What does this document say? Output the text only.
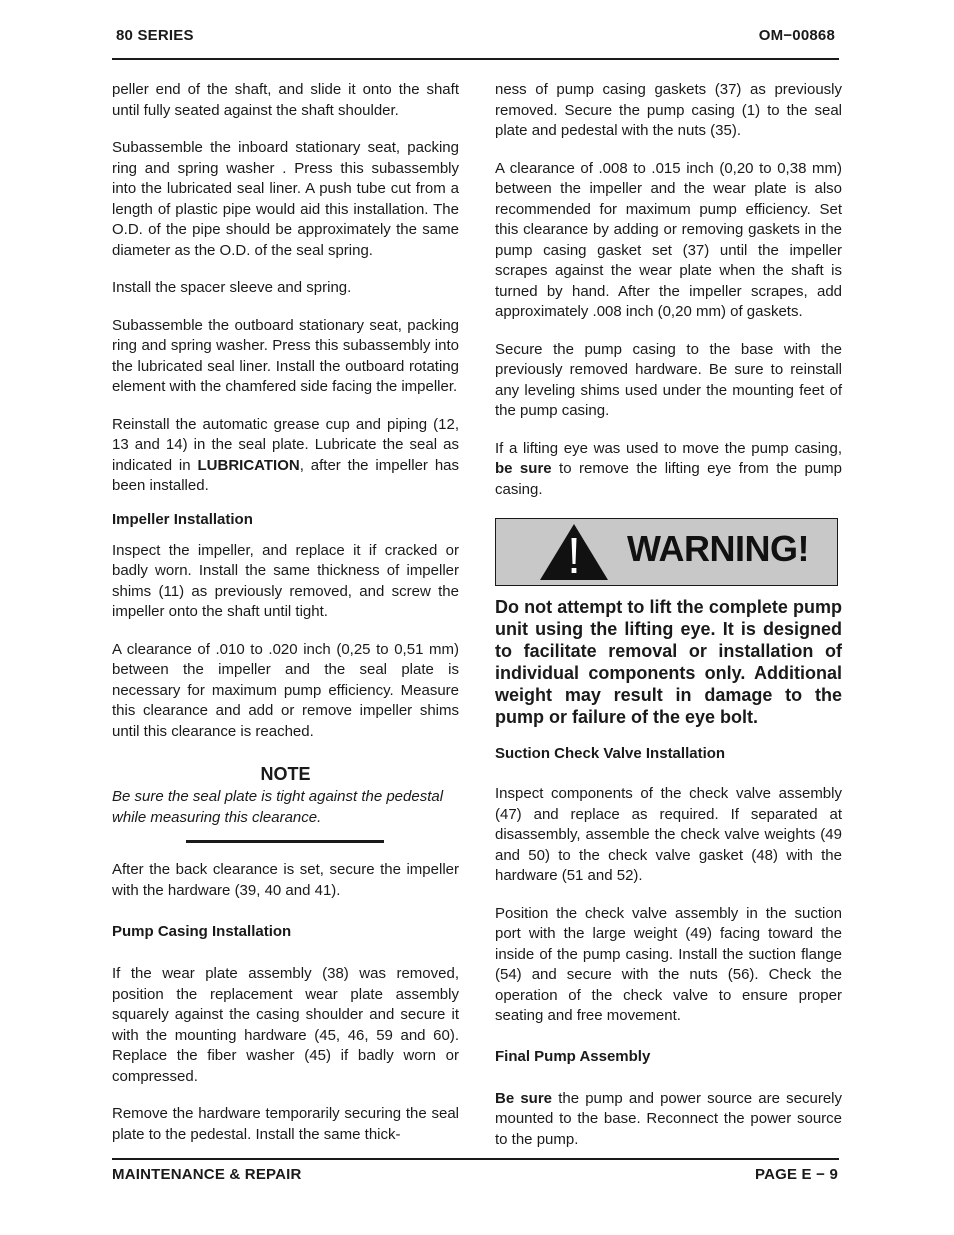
80 SERIES	OM−00868

peller end of the shaft, and slide it onto the shaft until fully seated against the shaft shoulder.

Subassemble the inboard stationary seat, packing ring and spring washer . Press this subassembly into the lubricated seal liner. A push tube cut from a length of plastic pipe would aid this installation. The O.D. of the pipe should be approximately the same diameter as the O.D. of the seal spring.

Install the spacer sleeve and spring.

Subassemble the outboard stationary seat, packing ring and spring washer. Press this subassembly into the lubricated seal liner. Install the outboard rotating element with the chamfered side facing the impeller.

Reinstall the automatic grease cup and piping (12, 13 and 14) in the seal plate. Lubricate the seal as indicated in LUBRICATION, after the impeller has been installed.

Impeller Installation

Inspect the impeller, and replace it if cracked or badly worn. Install the same thickness of impeller shims (11) as previously removed, and screw the impeller onto the shaft until tight.

A clearance of .010 to .020 inch (0,25 to 0,51 mm) between the impeller and the seal plate is necessary for maximum pump efficiency. Measure this clearance and add or remove impeller shims until this clearance is reached.

NOTE

Be sure the seal plate is tight against the pedestal while measuring this clearance.

After the back clearance is set, secure the impeller with the hardware (39, 40 and 41).

Pump Casing Installation

If the wear plate assembly (38) was removed, position the replacement wear plate assembly squarely against the casing shoulder and secure it with the mounting hardware (45, 46, 59 and 60). Replace the fiber washer (45) if badly worn or compressed.

Remove the hardware temporarily securing the seal plate to the pedestal. Install the same thick-

ness of pump casing gaskets (37) as previously removed. Secure the pump casing (1) to the seal plate and pedestal with the nuts (35).

A clearance of .008 to .015 inch (0,20 to 0,38 mm) between the impeller and the wear plate is also recommended for maximum pump efficiency. Set this clearance by adding or removing gaskets in the pump casing gasket set (37) until the impeller scrapes against the wear plate when the shaft is turned by hand. After the impeller scrapes, add approximately .008 inch (0,20 mm) of gaskets.

Secure the pump casing to the base with the previously removed hardware. Be sure to reinstall any leveling shims used under the mounting feet of the pump casing.

If a lifting eye was used to move the pump casing, be sure to remove the lifting eye from the pump casing.

WARNING!

Do not attempt to lift the complete pump unit using the lifting eye. It is designed to facilitate removal or installation of individual components only. Additional weight may result in damage to the pump or failure of the eye bolt.

Suction Check Valve Installation

Inspect components of the check valve assembly (47) and replace as required. If separated at disassembly, assemble the check valve weights (49 and 50) to the check valve gasket (48) with the hardware (51 and 52).

Position the check valve assembly in the suction port with the large weight (49) facing toward the inside of the pump casing. Install the suction flange (54) and secure with the nuts (56). Check the operation of the check valve to ensure proper seating and free movement.

Final Pump Assembly

Be sure the pump and power source are securely mounted to the base. Reconnect the power source to the pump.

MAINTENANCE & REPAIR	PAGE E − 9
